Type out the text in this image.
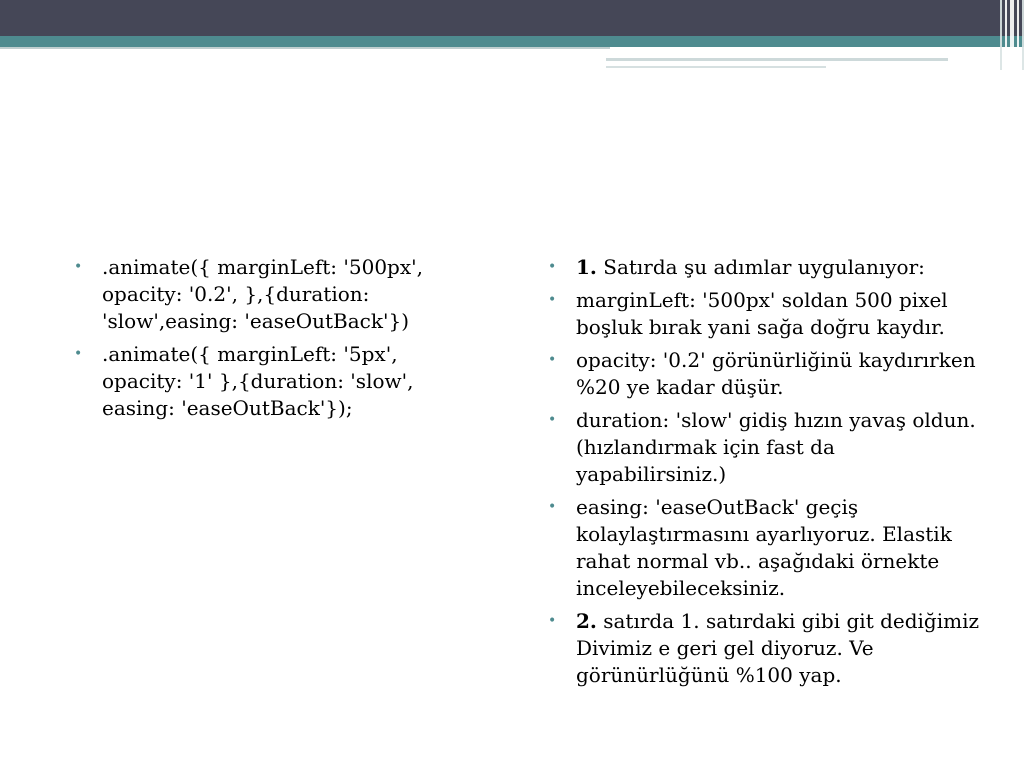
• .animate({ marginLeft: '500px', opacity: '0.2', },{duration: 'slow',easing: 'easeOutBack'})
• .animate({ marginLeft: '5px', opacity: '1' },{duration: 'slow', easing: 'easeOutBack'});
• 1. Satırda şu adımlar uygulanıyor:
• marginLeft: '500px' soldan 500 pixel boşluk bırak yani sağa doğru kaydır.
• opacity: '0.2' görünürliğinü kaydırırken %20 ye kadar düşür.
• duration: 'slow' gidiş hızın yavaş oldun. (hızlandırmak için fast da yapabilirsiniz.)
• easing: 'easeOutBack' geçiş kolaylaştırmasını ayarlıyoruz. Elastik rahat normal vb.. aşağıdaki örnekte inceleyebileceksiniz.
• 2. satırda 1. satırdaki gibi git dediğimiz Divimiz e geri gel diyoruz. Ve görünürlüğünü %100 yap.
